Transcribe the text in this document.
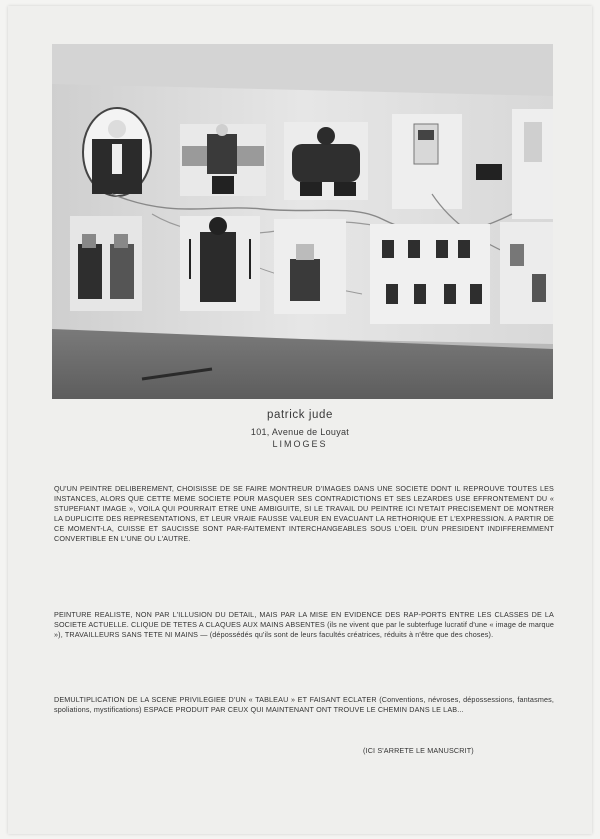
patrick jude
101, Avenue de Louyat
LIMOGES

QU'UN PEINTRE DELIBEREMENT, CHOISISSE DE SE FAIRE MONTREUR D'IMAGES DANS UNE SOCIETE DONT IL REPROUVE TOUTES LES INSTANCES, ALORS QUE CETTE MEME SOCIETE POUR MASQUER SES CONTRADICTIONS ET SES LEZARDES USE EFFRONTEMENT DU « STUPEFIANT IMAGE », VOILA QUI POURRAIT ETRE UNE AMBIGUITE, SI LE TRAVAIL DU PEINTRE ICI N'ETAIT PRECISEMENT DE MONTRER LA DUPLICITE DES REPRESENTATIONS, ET LEUR VRAIE FAUSSE VALEUR EN EVACUANT LA RETHORIQUE ET L'EXPRESSION. A PARTIR DE CE MOMENT-LA, CUISSE ET SAUCISSE SONT PAR-FAITEMENT INTERCHANGEABLES SOUS L'OEIL D'UN PRESIDENT INDIFFEREMMENT CONVERTIBLE EN L'UNE OU L'AUTRE.

PEINTURE REALISTE, NON PAR L'ILLUSION DU DETAIL, MAIS PAR LA MISE EN EVIDENCE DES RAP-PORTS ENTRE LES CLASSES DE LA SOCIETE ACTUELLE. CLIQUE DE TETES A CLAQUES AUX MAINS ABSENTES (ils ne vivent que par le subterfuge lucratif d'une « image de marque »), TRAVAILLEURS SANS TETE NI MAINS — (dépossédés qu'ils sont de leurs facultés créatrices, réduits à n'être que des choses).

DEMULTIPLICATION DE LA SCENE PRIVILEGIEE D'UN « TABLEAU » ET FAISANT ECLATER (Conventions, névroses, dépossessions, fantasmes, spoliations, mystifications) ESPACE PRODUIT PAR CEUX QUI MAINTENANT ONT TROUVE LE CHEMIN DANS LE LAB...

(ICI S'ARRETE LE MANUSCRIT)
